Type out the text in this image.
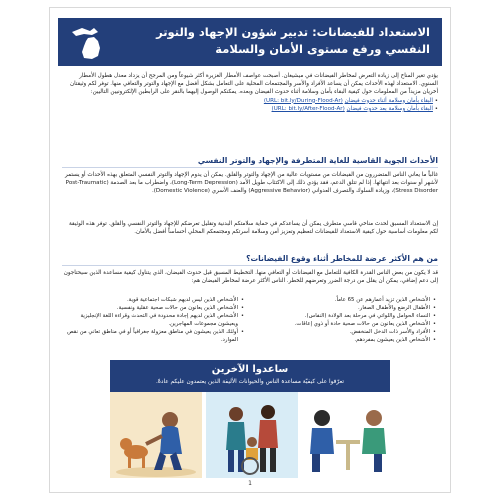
الاستعداد للفيضانات: تدبير شؤون الإجهاد والتوتر النفسي ورفع مستوى الأمان والسلامة
يؤدي تغير المناخ إلى زيادة التعرض لمخاطر الفيضانات في ميشيغان. أصبحت عواصف الأمطار الغزيرة أكثر شيوعاً ومن المرجح أن يزداد معدل هطول الأمطار السنوي. الاستعداد لهذه الأحداث يمكن أن يساعد الأفراد والأسر والمجتمعات المحلية على التعامل بشكل أفضل مع الإجهاد والتوتر والتعافي منها. توفر لكم وثيقتان أخريان مزيداً من المعلومات حول كيفية البقاء بأمان وسلامة أثناء حدوث الفيضان وبعده. يمكنكم الوصول إليهما بالنقر على الرابطين الإلكترونيين التاليين:
• البقاء بأمان وسلامة أثناء حدوث فيضان (URL: bit.ly/During-Flood-Ar)
• البقاء بأمان وسلامة بعد حدوث فيضان (URL: bit.ly/After-Flood-Ar)
الأحداث الجوية القاسية للغاية المتطرفة والإجهاد والتوتر النفسي
غالباً ما يعاني الناس المتضررون من الفيضانات من مستويات عالية من الإجهاد والتوتر والقلق. يمكن أن يدوم الإجهاد والتوتر النفسي المتعلق بهذه الأحداث أو يستمر لأشهر أو سنوات بعد انتهائها. إذا لم تتلق الدعم، فقد يؤدي ذلك إلى الاكتئاب طويل الأمد (Long-Term Depression)، واضطراب ما بعد الصدمة (Post-Traumatic Stress Disorder)، وزيادة السلوك والتصرف العدواني (Aggressive Behavior) والعنف الأسري (Domestic Violence).
إن الاستعداد المسبق لحدث مناخي قاسي متطرف يمكن أن يساعدكم في حماية سلامتكم البدنية وتقليل تعرضكم للإجهاد والتوتر النفسي والقلق. توفر هذه الوثيقة لكم معلومات أساسية حول كيفية الاستعداد للفيضانات لتعظيم وتعزيز أمن وسلامة أسرتكم ومجتمعكم المحلي أحساساً أفضل بالأمان.
من هم الأكثر عرضة للمخاطر أثناء وقوع الفيضانات؟
قد لا يكون من بعض الناس القدرة الكافية للتعامل مع الفيضانات أو التعافي منها. التخطيط المسبق قبل حدوث الفيضان، الذي يتناول كيفية مساعدة الذين سيحتاجون إلى دعم إضافي، يمكن أن يقلل من درجة الضرر وتعرضهم للخطر. الناس الأكثر عرضة لمخاطر الفيضان هم:
• الأشخاص الذين تزيد أعمارهم عن 65 عاماً.
• الأطفال الرضع والأطفال الصغار.
• النساء الحوامل واللواتي في مرحلة بعد الولادة (النفاس).
• الأشخاص الذين يعانون من حالات صحية حادة أو ذوي إعاقات.
• الأفراد والأسر ذات الدخل المنخفض.
• الأشخاص الذين يعيشون بمفردهم.
• الأشخاص الذين ليس لديهم شبكات اجتماعية قوية.
• الأشخاص الذين يعانون من حالات صحية عقلية ونفسية.
• الأشخاص الذين لديهم إجادة محدودة في التحدث وقراءة اللغة الإنجليزية ويعيشون مجموعات المهاجرين.
• أولئك الذين يعيشون في مناطق معزولة جغرافياً أو في مناطق تعاني من نقص الموارد.
ساعدوا الآخرين
تعرّفوا على كيفيّة مساعدة الناس والحيوانات الأليفة الذين يعتمدون عليكم عادةً.
1
